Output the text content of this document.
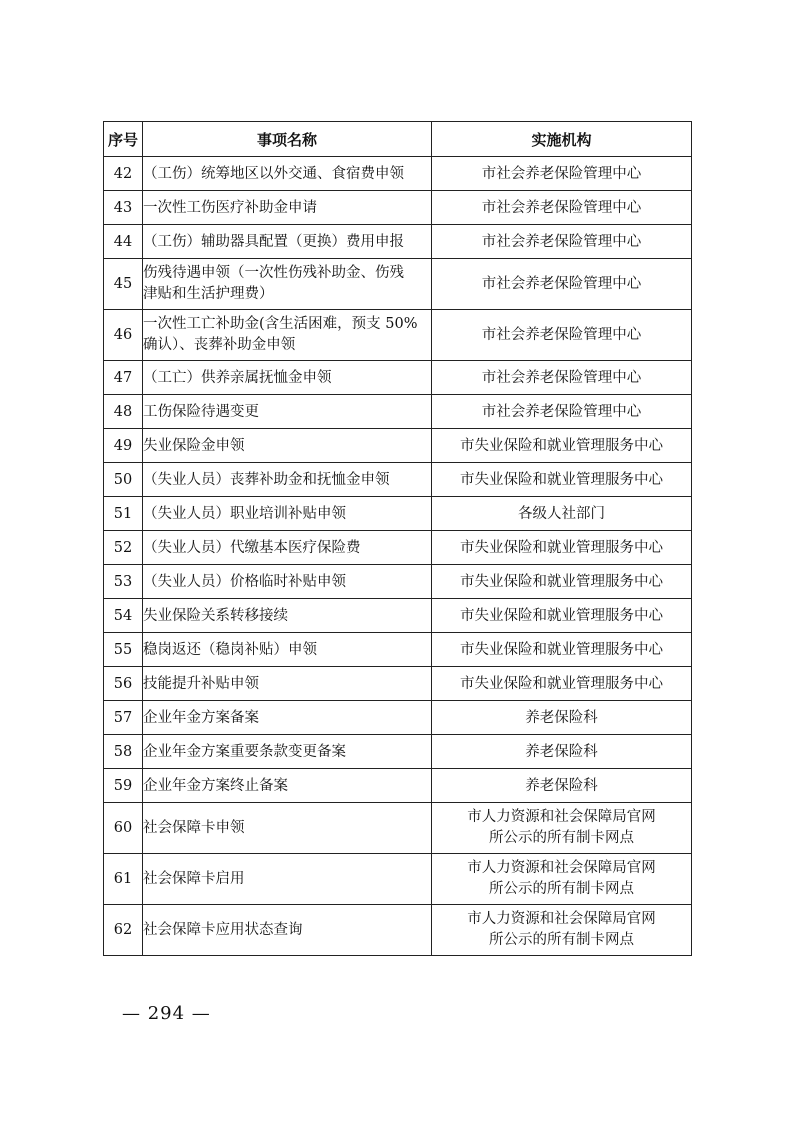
序号	事项名称	实施机构
42	（工伤）统筹地区以外交通、食宿费申领	市社会养老保险管理中心

43	一次性工伤医疗补助金申请	市社会养老保险管理中心

44	（工伤）辅助器具配置（更换）费用申报	市社会养老保险管理中心

45	伤残待遇申领（一次性伤残补助金、伤残
津贴和生活护理费）	市社会养老保险管理中心

46	一次性工亡补助金(含生活困难，预支 50%
确认）、丧葬补助金申领	市社会养老保险管理中心

47	（工亡）供养亲属抚恤金申领	市社会养老保险管理中心

48	工伤保险待遇变更	市社会养老保险管理中心

49	失业保险金申领	市失业保险和就业管理服务中心

50	（失业人员）丧葬补助金和抚恤金申领	市失业保险和就业管理服务中心

51	（失业人员）职业培训补贴申领	各级人社部门

52	（失业人员）代缴基本医疗保险费	市失业保险和就业管理服务中心

53	（失业人员）价格临时补贴申领	市失业保险和就业管理服务中心

54	失业保险关系转移接续	市失业保险和就业管理服务中心

55	稳岗返还（稳岗补贴）申领	市失业保险和就业管理服务中心

56	技能提升补贴申领	市失业保险和就业管理服务中心

57	企业年金方案备案	养老保险科

58	企业年金方案重要条款变更备案	养老保险科

59	企业年金方案终止备案	养老保险科

60	社会保障卡申领	市人力资源和社会保障局官网
所公示的所有制卡网点

61	社会保障卡启用	市人力资源和社会保障局官网
所公示的所有制卡网点

62	社会保障卡应用状态查询	市人力资源和社会保障局官网
所公示的所有制卡网点
— 294 —
